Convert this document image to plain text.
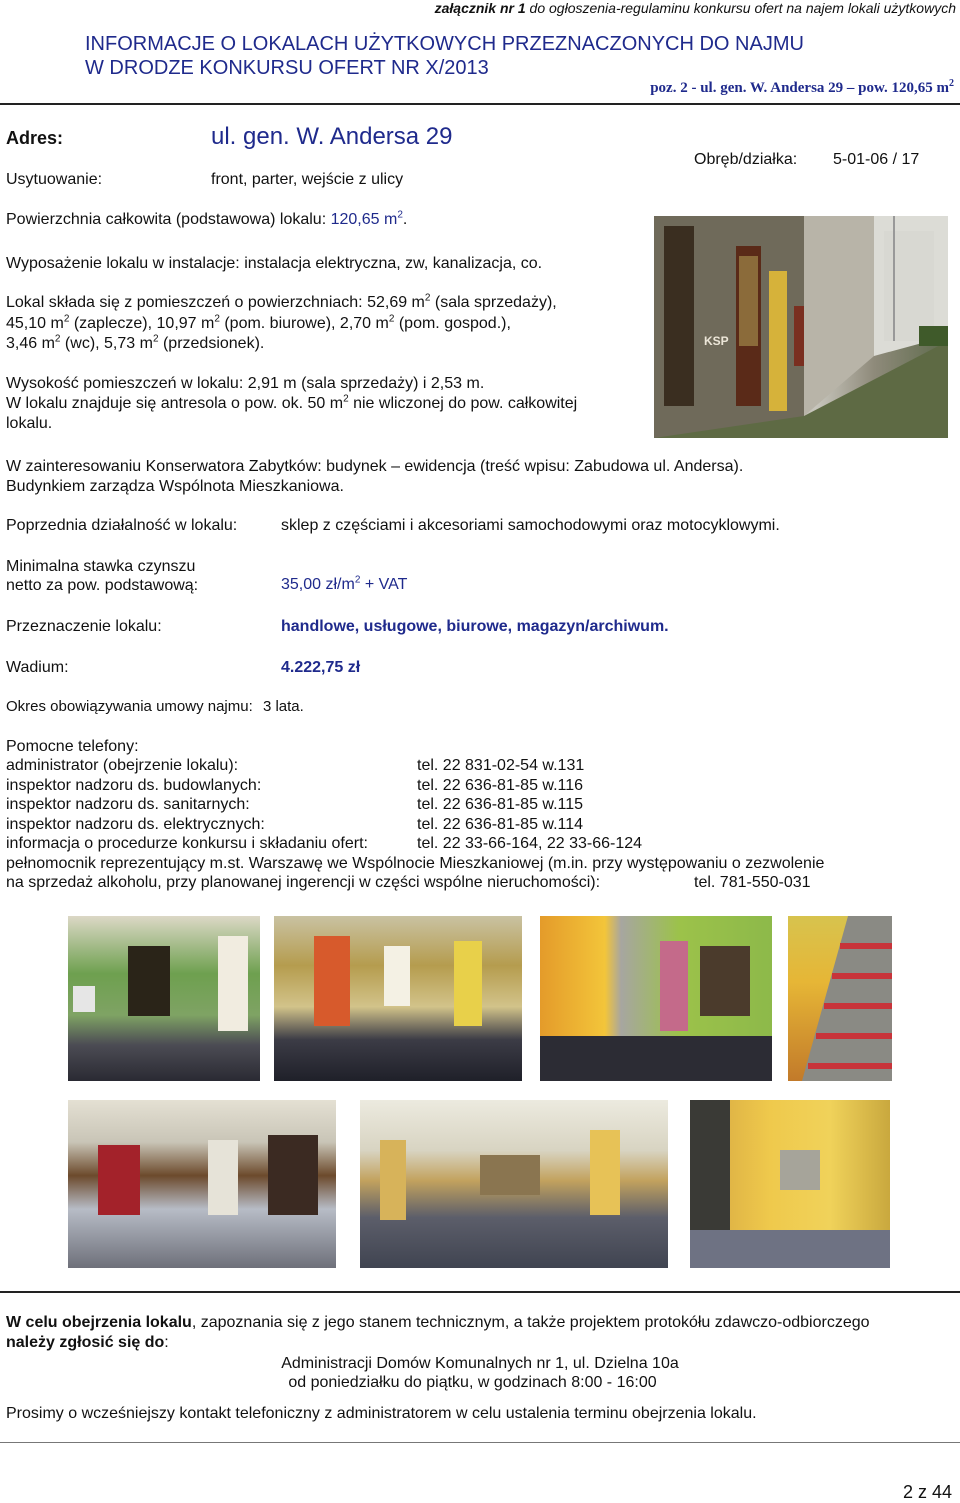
załącznik nr 1 do ogłoszenia-regulaminu konkursu ofert na najem lokali użytkowych
INFORMACJE O LOKALACH UŻYTKOWYCH PRZEZNACZONYCH DO NAJMU
W DRODZE KONKURSU OFERT NR X/2013
poz. 2 - ul. gen. W. Andersa 29 – pow. 120,65 $m^2$
Adres:	ul. gen. W. Andersa 29
Usytuowanie:	front, parter, wejście z ulicy
Obręb/działka: 5-01-06 / 17
Powierzchnia całkowita (podstawowa) lokalu: 120,65 $m^2$.
Wyposażenie lokalu w instalacje: instalacja elektryczna, zw, kanalizacja, co.
Lokal składa się z pomieszczeń o powierzchniach: 52,69 $m^2$ (sala sprzedaży),
45,10 $m^2$ (zaplecze), 10,97 $m^2$ (pom. biurowe), 2,70 $m^2$ (pom. gospod.),
3,46 $m^2$ (wc), 5,73 $m^2$ (przedsionek).
Wysokość pomieszczeń w lokalu: 2,91 m (sala sprzedaży) i 2,53 m.
W lokalu znajduje się antresola o pow. ok. 50 $m^2$ nie wliczonej do pow. całkowitej
lokalu.
W zainteresowaniu Konserwatora Zabytków: budynek – ewidencja (treść wpisu: Zabudowa ul. Andersa).
Budynkiem zarządza Wspólnota Mieszkaniowa.
KSP
Poprzednia działalność w lokalu:	sklep z częściami i akcesoriami samochodowymi oraz motocyklowymi.
Minimalna stawka czynszu
netto za pow. podstawową:	35,00 $zł/m^2$ + VAT
Przeznaczenie lokalu:	handlowe, usługowe, biurowe, magazyn/archiwum.
Wadium:	4.222,75 zł
Okres obowiązywania umowy najmu: 3 lata.
Pomocne telefony:
administrator (obejrzenie lokalu):	tel. 22 831-02-54 w.131
inspektor nadzoru ds. budowlanych:	tel. 22 636-81-85 w.116
inspektor nadzoru ds. sanitarnych:	tel. 22 636-81-85 w.115
inspektor nadzoru ds. elektrycznych:	tel. 22 636-81-85 w.114
informacja o procedurze konkursu i składaniu ofert:	tel. 22 33-66-164, 22 33-66-124
pełnomocnik reprezentujący m.st. Warszawę we Wspólnocie Mieszkaniowej (m.in. przy występowaniu o zezwolenie
na sprzedaż alkoholu, przy planowanej ingerencji w części wspólne nieruchomości):	tel. 781-550-031
W celu obejrzenia lokalu, zapoznania się z jego stanem technicznym, a także projektem protokółu zdawczo-odbiorczego
należy zgłosić się do:
Administracji Domów Komunalnych nr 1, ul. Dzielna 10a
od poniedziałku do piątku, w godzinach 8:00 - 16:00
Prosimy o wcześniejszy kontakt telefoniczny z administratorem w celu ustalenia terminu obejrzenia lokalu.
2 z 44
